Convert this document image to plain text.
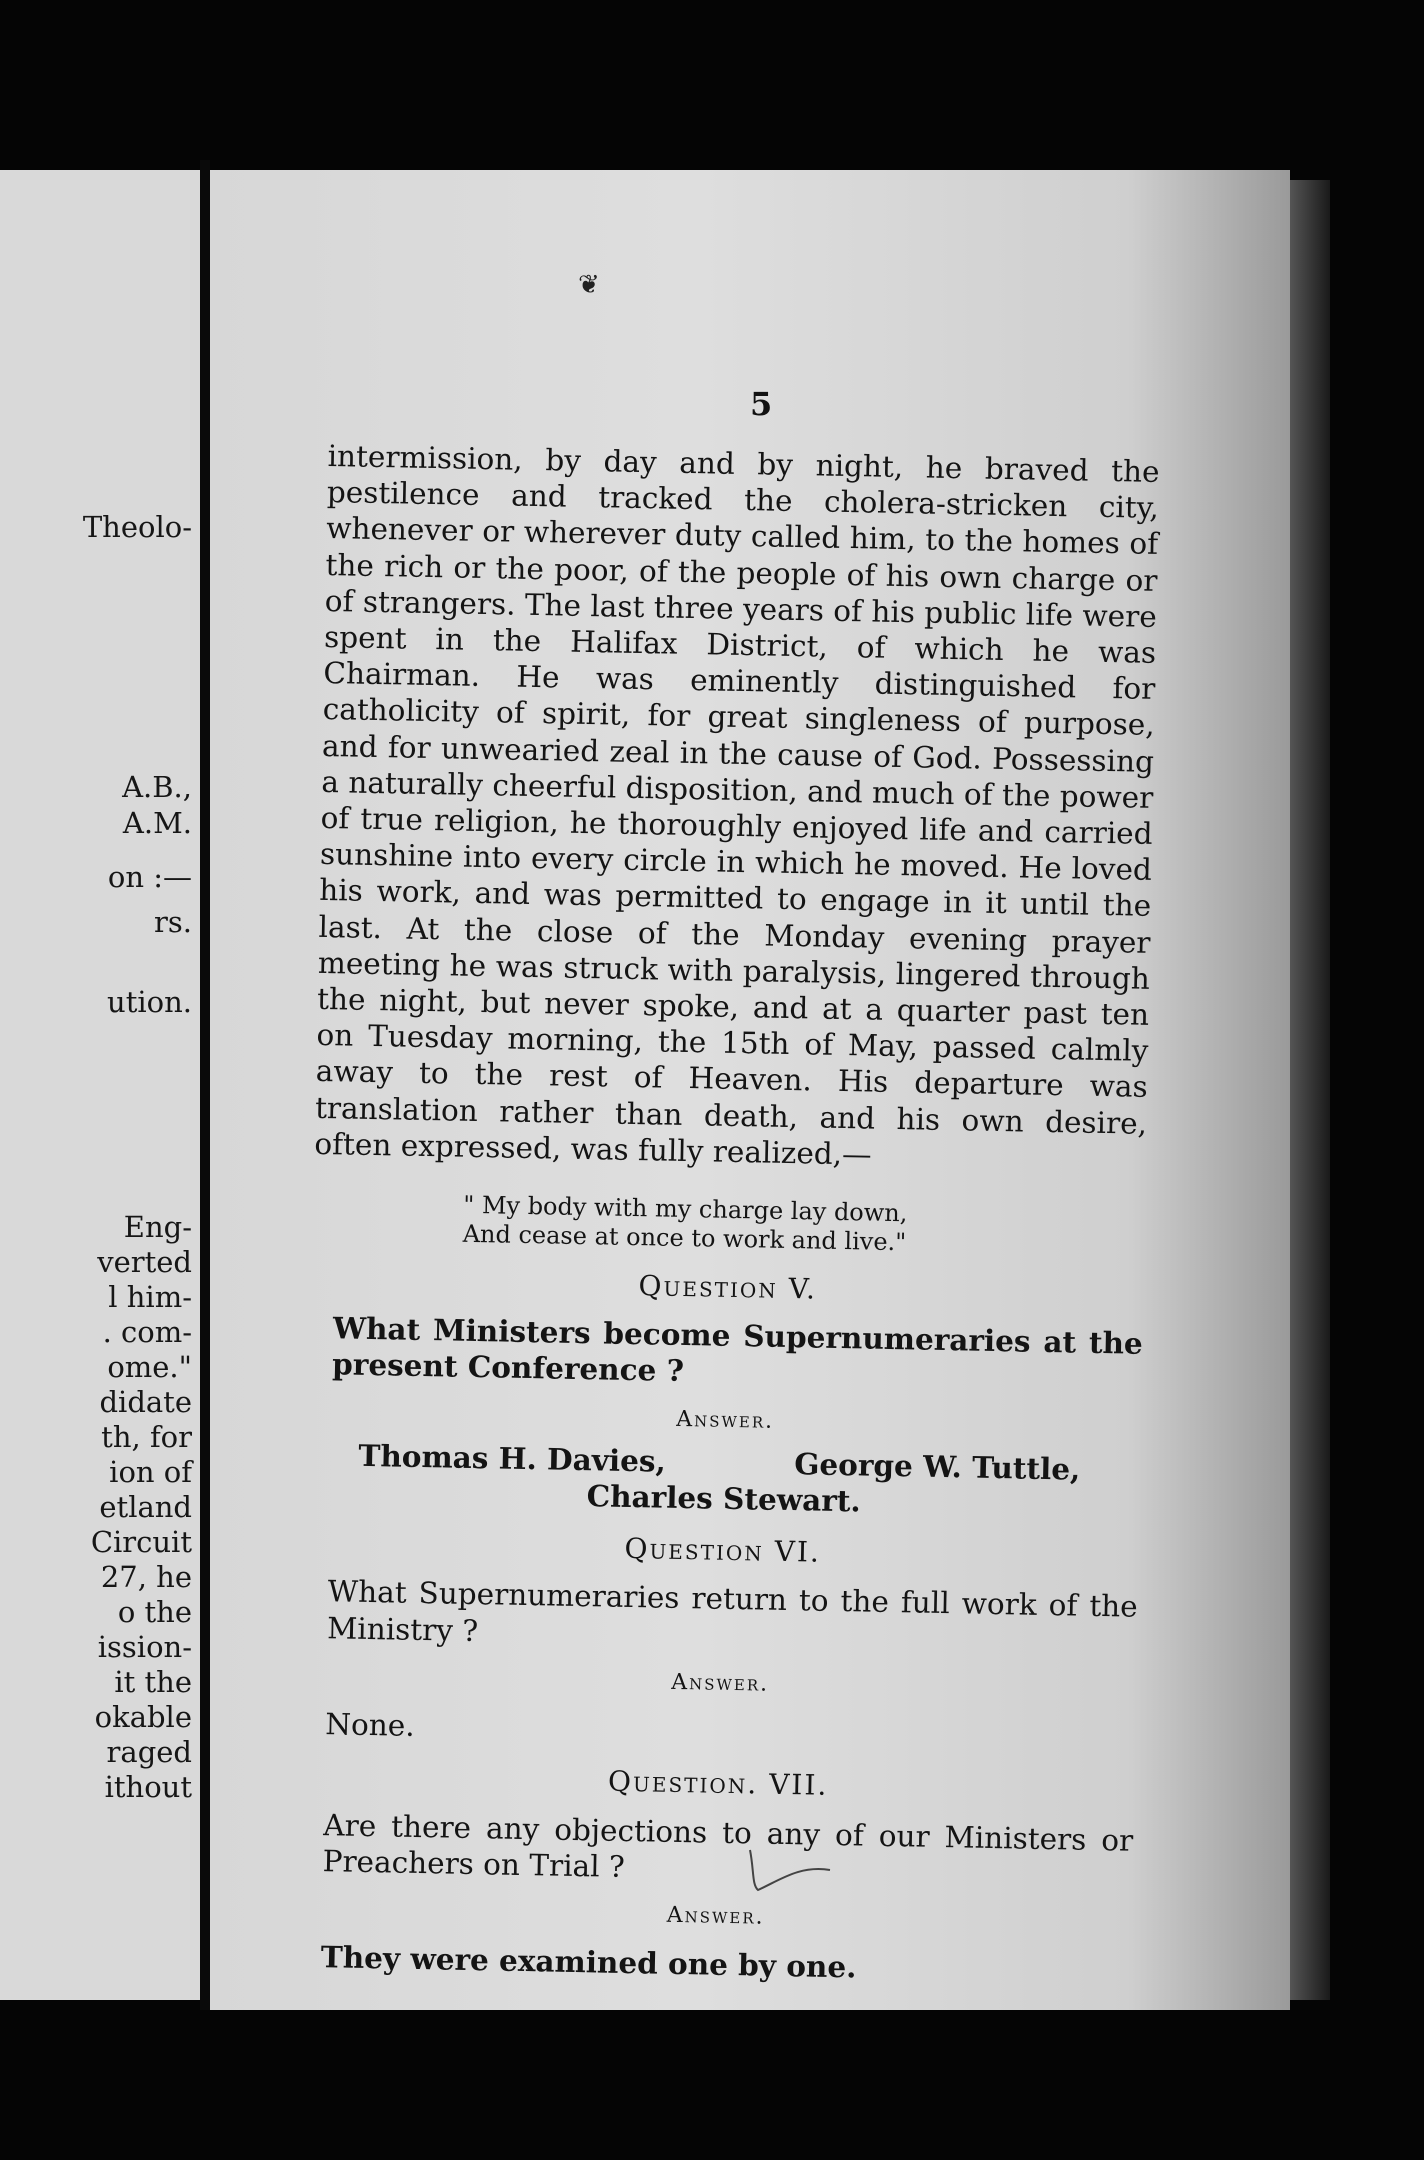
Theolo-
A.B.,
A.M.
on :—
rs.
ution.
Eng-
verted
l him-
. com-
ome."
didate
th, for
ion of
etland
Circuit
27, he
o the
ission-
it the
okable
raged
ithout
❦
5
intermission, by day and by night, he braved the pestilence and tracked the cholera-stricken city, whenever or wherever duty called him, to the homes of the rich or the poor, of the people of his own charge or of strangers. The last three years of his public life were spent in the Halifax District, of which he was Chairman. He was eminently distinguished for catholicity of spirit, for great singleness of purpose, and for unwearied zeal in the cause of God. Possessing a naturally cheerful disposition, and much of the power of true religion, he thoroughly enjoyed life and carried sunshine into every circle in which he moved. He loved his work, and was permitted to engage in it until the last. At the close of the Monday evening prayer meeting he was struck with paralysis, lingered through the night, but never spoke, and at a quarter past ten on Tuesday morning, the 15th of May, passed calmly away to the rest of Heaven. His departure was translation rather than death, and his own desire, often expressed, was fully realized,—
" My body with my charge lay down,
And cease at once to work and live."
Question V.
What Ministers become Supernumeraries at the present Conference ?
Answer.
Thomas H. Davies,	George W. Tuttle,
Charles Stewart.
Question VI.
What Supernumeraries return to the full work of the Ministry ?
Answer.
None.
Question. VII.
Are there any objections to any of our Ministers or Preachers on Trial ?
Answer.
They were examined one by one.
